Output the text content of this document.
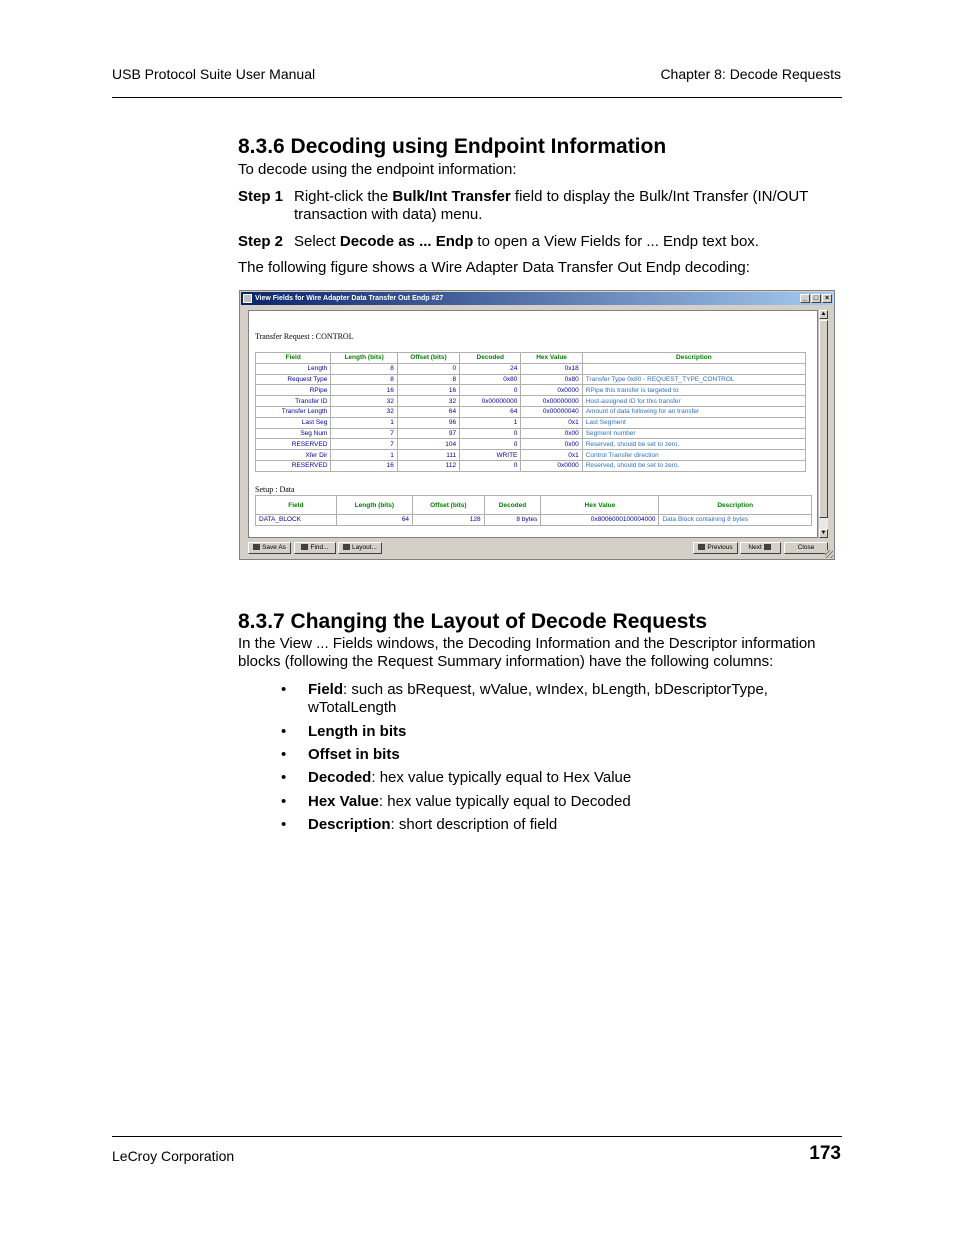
USB Protocol Suite User Manual	Chapter 8: Decode Requests
8.3.6 Decoding using Endpoint Information

To decode using the endpoint information:

Step 1 Right-click the Bulk/Int Transfer field to display the Bulk/Int Transfer (IN/OUT transaction with data) menu.
Step 2 Select Decode as ... Endp to open a View Fields for ... Endp text box.

The following figure shows a Wire Adapter Data Transfer Out Endp decoding:

View Fields for Wire Adapter Data Transfer Out Endp #27	_ □ ×
Transfer Request : CONTROL
Field	Length (bits)	Offset (bits)	Decoded	Hex Value	Description
Length	8	0	24	0x18	
Request Type	8	8	0x80	0x80	Transfer Type 0x80 - REQUEST_TYPE_CONTROL
RPipe	16	16	0	0x0000	RPipe this transfer is targeted to
Transfer ID	32	32	0x00000000	0x00000000	Host-assigned ID for this transfer
Transfer Length	32	64	64	0x00000040	Amount of data following for an transfer
Last Seg	1	96	1	0x1	Last Segment
Seg Num	7	97	0	0x00	Segment number
RESERVED	7	104	0	0x00	Reserved, should be set to zero.
Xfer Dir	1	111	WRITE	0x1	Control Transfer direction
RESERVED	16	112	0	0x0000	Reserved, should be set to zero.
Setup : Data
Field	Length (bits)	Offset (bits)	Decoded	Hex Value	Description
DATA_BLOCK	64	128	8 bytes	0x8006000100004000	Data Block containing 8 bytes
▲
▼
Save As	Find...	Layout...	Previous	Next	Close
8.3.7 Changing the Layout of Decode Requests

In the View ... Fields windows, the Decoding Information and the Descriptor information blocks (following the Request Summary information) have the following columns:

• Field: such as bRequest, wValue, wIndex, bLength, bDescriptorType, wTotalLength
• Length in bits
• Offset in bits
• Decoded: hex value typically equal to Hex Value
• Hex Value: hex value typically equal to Decoded
• Description: short description of field
LeCroy Corporation	173
